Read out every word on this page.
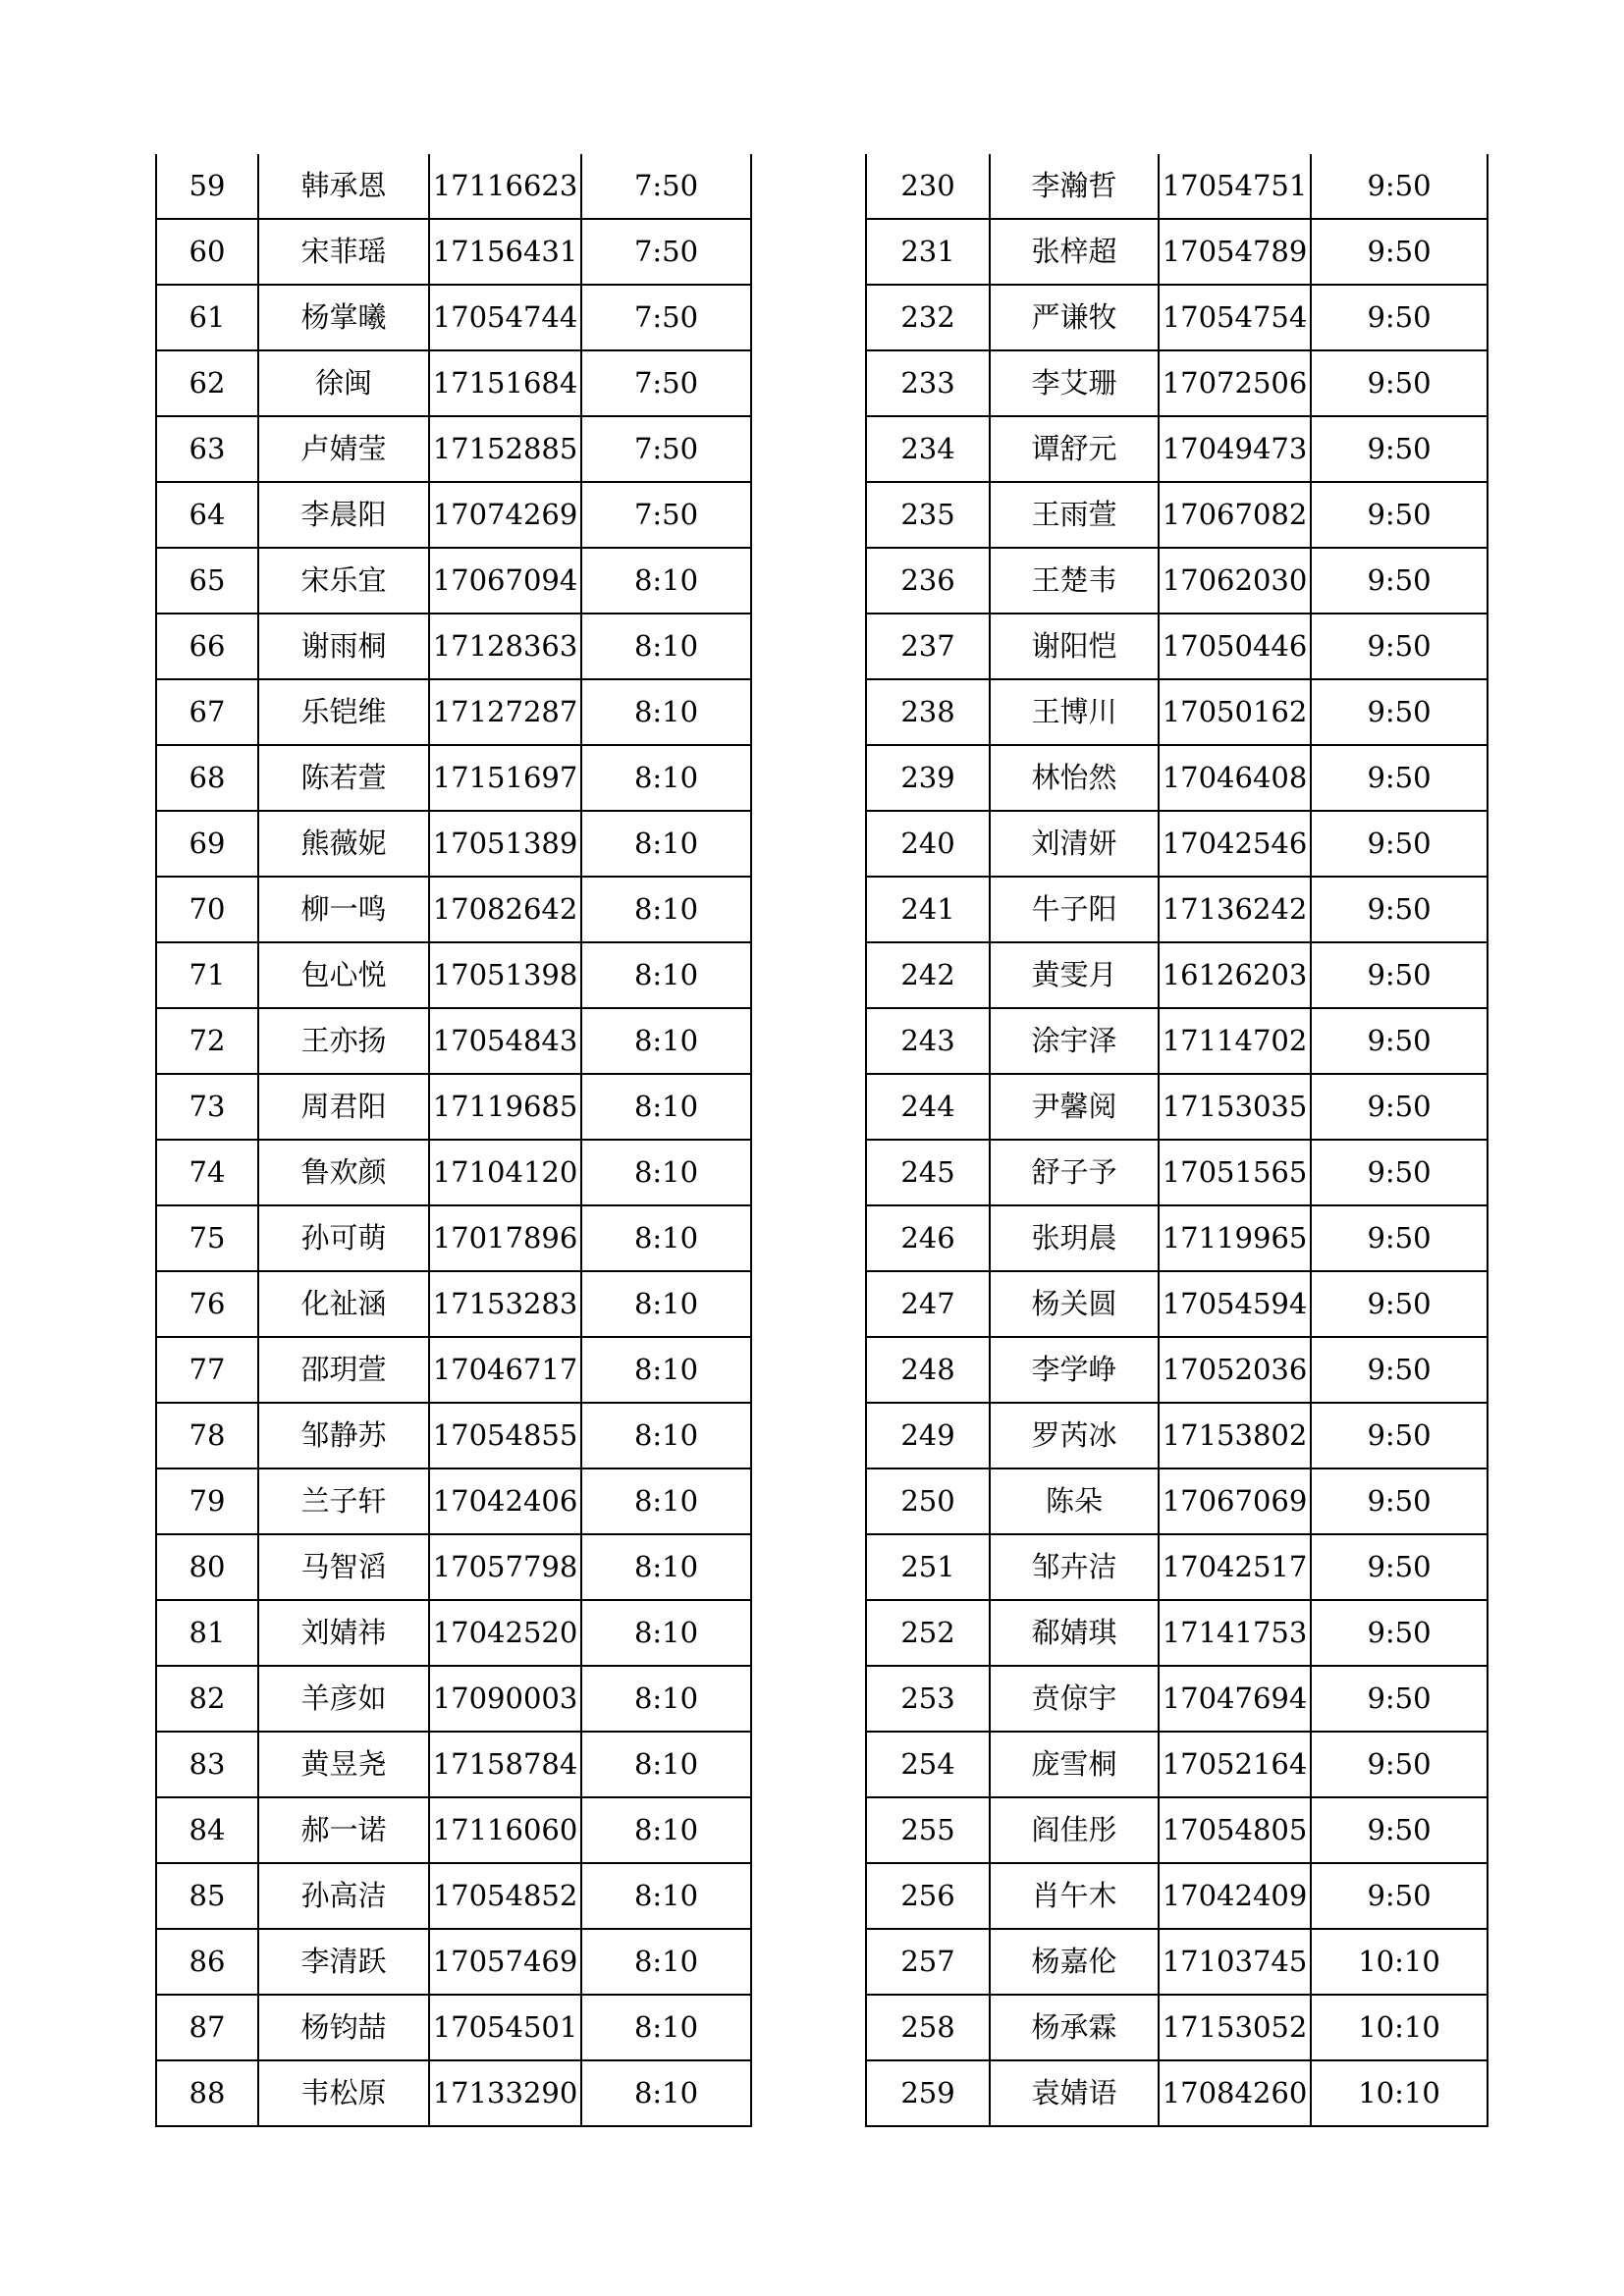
59	韩承恩	17116623	7:50
60	宋菲瑶	17156431	7:50
61	杨掌曦	17054744	7:50
62	徐闽	17151684	7:50
63	卢婧莹	17152885	7:50
64	李晨阳	17074269	7:50
65	宋乐宜	17067094	8:10
66	谢雨桐	17128363	8:10
67	乐铠维	17127287	8:10
68	陈若萱	17151697	8:10
69	熊薇妮	17051389	8:10
70	柳一鸣	17082642	8:10
71	包心悦	17051398	8:10
72	王亦扬	17054843	8:10
73	周君阳	17119685	8:10
74	鲁欢颜	17104120	8:10
75	孙可萌	17017896	8:10
76	化祉涵	17153283	8:10
77	邵玥萱	17046717	8:10
78	邹静苏	17054855	8:10
79	兰子轩	17042406	8:10
80	马智滔	17057798	8:10
81	刘婧祎	17042520	8:10
82	羊彦如	17090003	8:10
83	黄昱尧	17158784	8:10
84	郝一诺	17116060	8:10
85	孙高洁	17054852	8:10
86	李清跃	17057469	8:10
87	杨钧喆	17054501	8:10
88	韦松原	17133290	8:10
230	李瀚哲	17054751	9:50
231	张梓超	17054789	9:50
232	严谦牧	17054754	9:50
233	李艾珊	17072506	9:50
234	谭舒元	17049473	9:50
235	王雨萱	17067082	9:50
236	王楚韦	17062030	9:50
237	谢阳恺	17050446	9:50
238	王博川	17050162	9:50
239	林怡然	17046408	9:50
240	刘清妍	17042546	9:50
241	牛子阳	17136242	9:50
242	黄雯月	16126203	9:50
243	涂宇泽	17114702	9:50
244	尹馨阅	17153035	9:50
245	舒子予	17051565	9:50
246	张玥晨	17119965	9:50
247	杨关圆	17054594	9:50
248	李学峥	17052036	9:50
249	罗芮冰	17153802	9:50
250	陈朵	17067069	9:50
251	邹卉洁	17042517	9:50
252	郗婧琪	17141753	9:50
253	贲倞宇	17047694	9:50
254	庞雪桐	17052164	9:50
255	阎佳彤	17054805	9:50
256	肖午木	17042409	9:50
257	杨嘉伦	17103745	10:10
258	杨承霖	17153052	10:10
259	袁婧语	17084260	10:10
